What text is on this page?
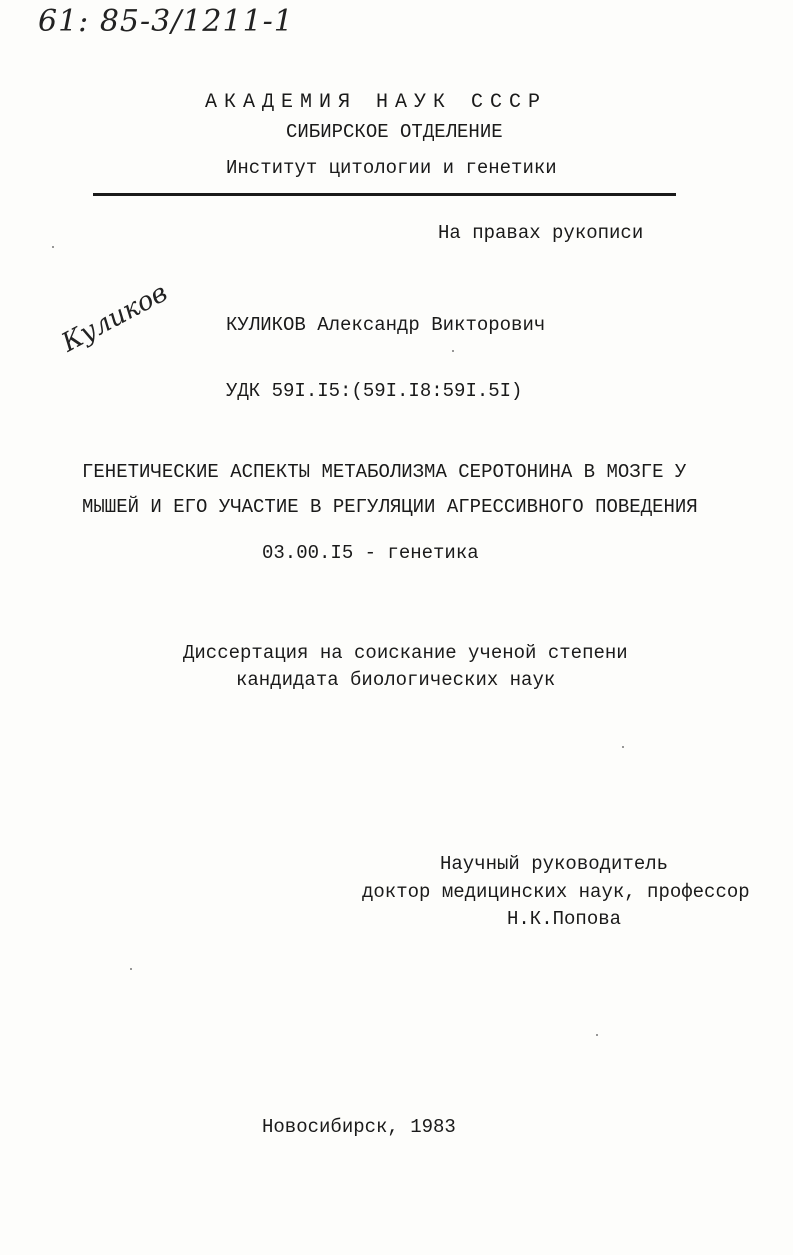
61: 85-3/1211-1
АКАДЕМИЯ НАУК СССР
СИБИРСКОЕ ОТДЕЛЕНИЕ
Институт цитологии и генетики
На правах рукописи
Куликов	КУЛИКОВ Александр Викторович
УДК 59I.I5:(59I.I8:59I.5I)
ГЕНЕТИЧЕСКИЕ АСПЕКТЫ МЕТАБОЛИЗМА СЕРОТОНИНА В МОЗГЕ У
МЫШЕЙ И ЕГО УЧАСТИЕ В РЕГУЛЯЦИИ АГРЕССИВНОГО ПОВЕДЕНИЯ
03.00.I5 - генетика
Диссертация на соискание ученой степени
кандидата биологических наук
Научный руководитель
доктор медицинских наук, профессор
Н.К.Попова
Новосибирск, 1983
